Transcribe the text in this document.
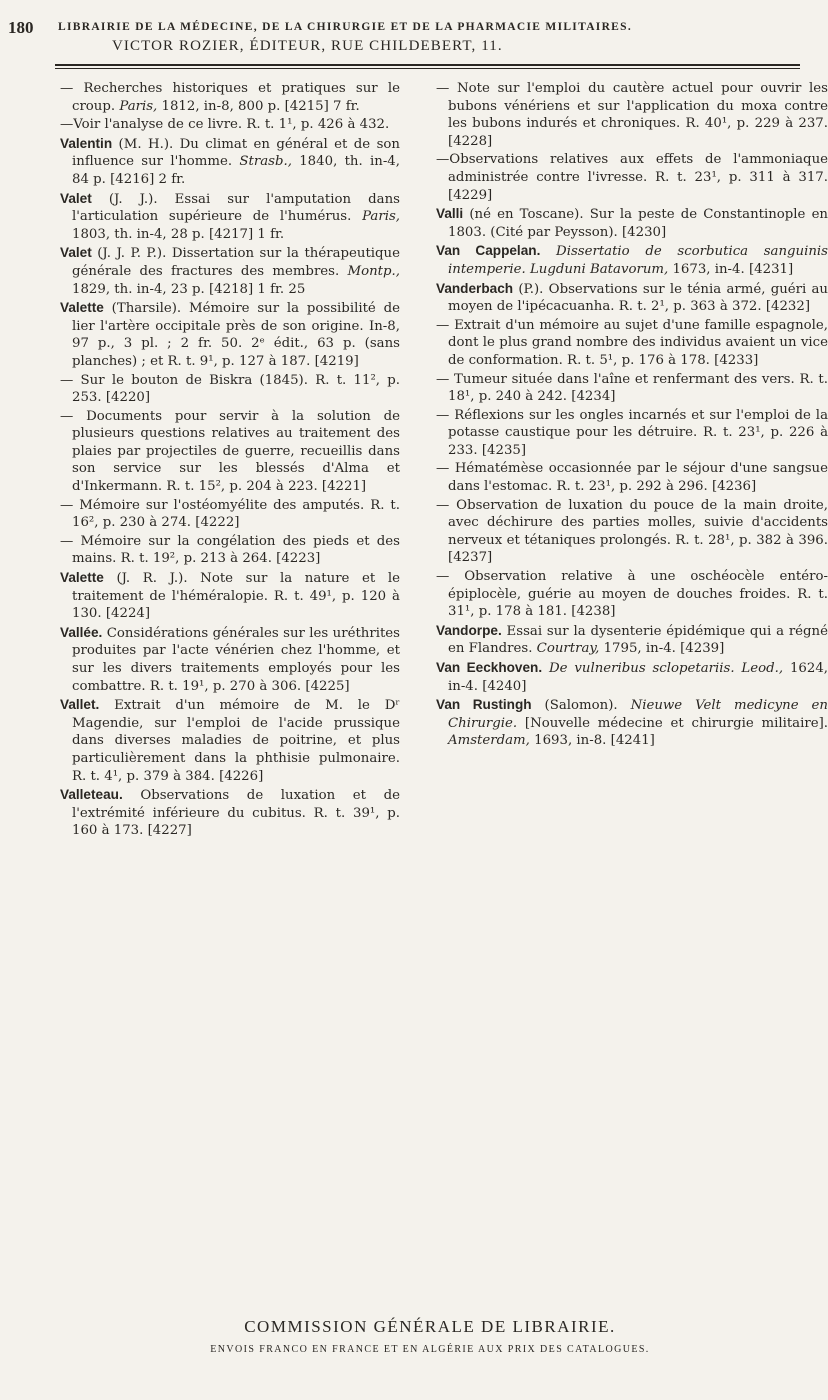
180 LIBRAIRIE DE LA MÉDECINE, DE LA CHIRURGIE ET DE LA PHARMACIE MILITAIRES.
VICTOR ROZIER, ÉDITEUR, RUE CHILDEBERT, 11.

— Recherches historiques et pratiques sur le croup. Paris, 1812, in-8, 800 p. [4215] 7 fr.

—Voir l'analyse de ce livre. R. t. 1¹, p. 426 à 432.

Valentin (M. H.). Du climat en général et de son influence sur l'homme. Strasb., 1840, th. in-4, 84 p. [4216] 2 fr.

Valet (J. J.). Essai sur l'amputation dans l'articulation supérieure de l'humérus. Paris, 1803, th. in-4, 28 p. [4217] 1 fr.

Valet (J. J. P. P.). Dissertation sur la thérapeutique générale des fractures des membres. Montp., 1829, th. in-4, 23 p. [4218] 1 fr. 25

Valette (Tharsile). Mémoire sur la possibilité de lier l'artère occipitale près de son origine. In-8, 97 p., 3 pl. ; 2 fr. 50. 2ᵉ édit., 63 p. (sans planches) ; et R. t. 9¹, p. 127 à 187. [4219]

— Sur le bouton de Biskra (1845). R. t. 11², p. 253. [4220]

— Documents pour servir à la solution de plusieurs questions relatives au traitement des plaies par projectiles de guerre, recueillis dans son service sur les blessés d'Alma et d'Inkermann. R. t. 15², p. 204 à 223. [4221]

— Mémoire sur l'ostéomyélite des amputés. R. t. 16², p. 230 à 274. [4222]

— Mémoire sur la congélation des pieds et des mains. R. t. 19², p. 213 à 264. [4223]

Valette (J. R. J.). Note sur la nature et le traitement de l'héméralopie. R. t. 49¹, p. 120 à 130. [4224]

Vallée. Considérations générales sur les uréthrites produites par l'acte vénérien chez l'homme, et sur les divers traitements employés pour les combattre. R. t. 19¹, p. 270 à 306. [4225]

Vallet. Extrait d'un mémoire de M. le Dʳ Magendie, sur l'emploi de l'acide prussique dans diverses maladies de poitrine, et plus particulièrement dans la phthisie pulmonaire. R. t. 4¹, p. 379 à 384. [4226]

Valleteau. Observations de luxation et de l'extrémité inférieure du cubitus. R. t. 39¹, p. 160 à 173. [4227]

— Note sur l'emploi du cautère actuel pour ouvrir les bubons vénériens et sur l'application du moxa contre les bubons indurés et chroniques. R. 40¹, p. 229 à 237. [4228]

—Observations relatives aux effets de l'ammoniaque administrée contre l'ivresse. R. t. 23¹, p. 311 à 317. [4229]

Valli (né en Toscane). Sur la peste de Constantinople en 1803. (Cité par Peysson). [4230]

Van Cappelan. Dissertatio de scorbutica sanguinis intemperie. Lugduni Batavorum, 1673, in-4. [4231]

Vanderbach (P.). Observations sur le ténia armé, guéri au moyen de l'ipécacuanha. R. t. 2¹, p. 363 à 372. [4232]

— Extrait d'un mémoire au sujet d'une famille espagnole, dont le plus grand nombre des individus avaient un vice de conformation. R. t. 5¹, p. 176 à 178. [4233]

— Tumeur située dans l'aîne et renfermant des vers. R. t. 18¹, p. 240 à 242. [4234]

— Réflexions sur les ongles incarnés et sur l'emploi de la potasse caustique pour les détruire. R. t. 23¹, p. 226 à 233. [4235]

— Hématémèse occasionnée par le séjour d'une sangsue dans l'estomac. R. t. 23¹, p. 292 à 296. [4236]

— Observation de luxation du pouce de la main droite, avec déchirure des parties molles, suivie d'accidents nerveux et tétaniques prolongés. R. t. 28¹, p. 382 à 396. [4237]

— Observation relative à une oschéocèle entéro-épiplocèle, guérie au moyen de douches froides. R. t. 31¹, p. 178 à 181. [4238]

Vandorpe. Essai sur la dysenterie épidémique qui a régné en Flandres. Courtray, 1795, in-4. [4239]

Van Eeckhoven. De vulneribus sclopetariis. Leod., 1624, in-4. [4240]

Van Rustingh (Salomon). Nieuwe Velt medicyne en Chirurgie. [Nouvelle médecine et chirurgie militaire]. Amsterdam, 1693, in-8. [4241]

COMMISSION GÉNÉRALE DE LIBRAIRIE.
ENVOIS FRANCO EN FRANCE ET EN ALGÉRIE AUX PRIX DES CATALOGUES.
